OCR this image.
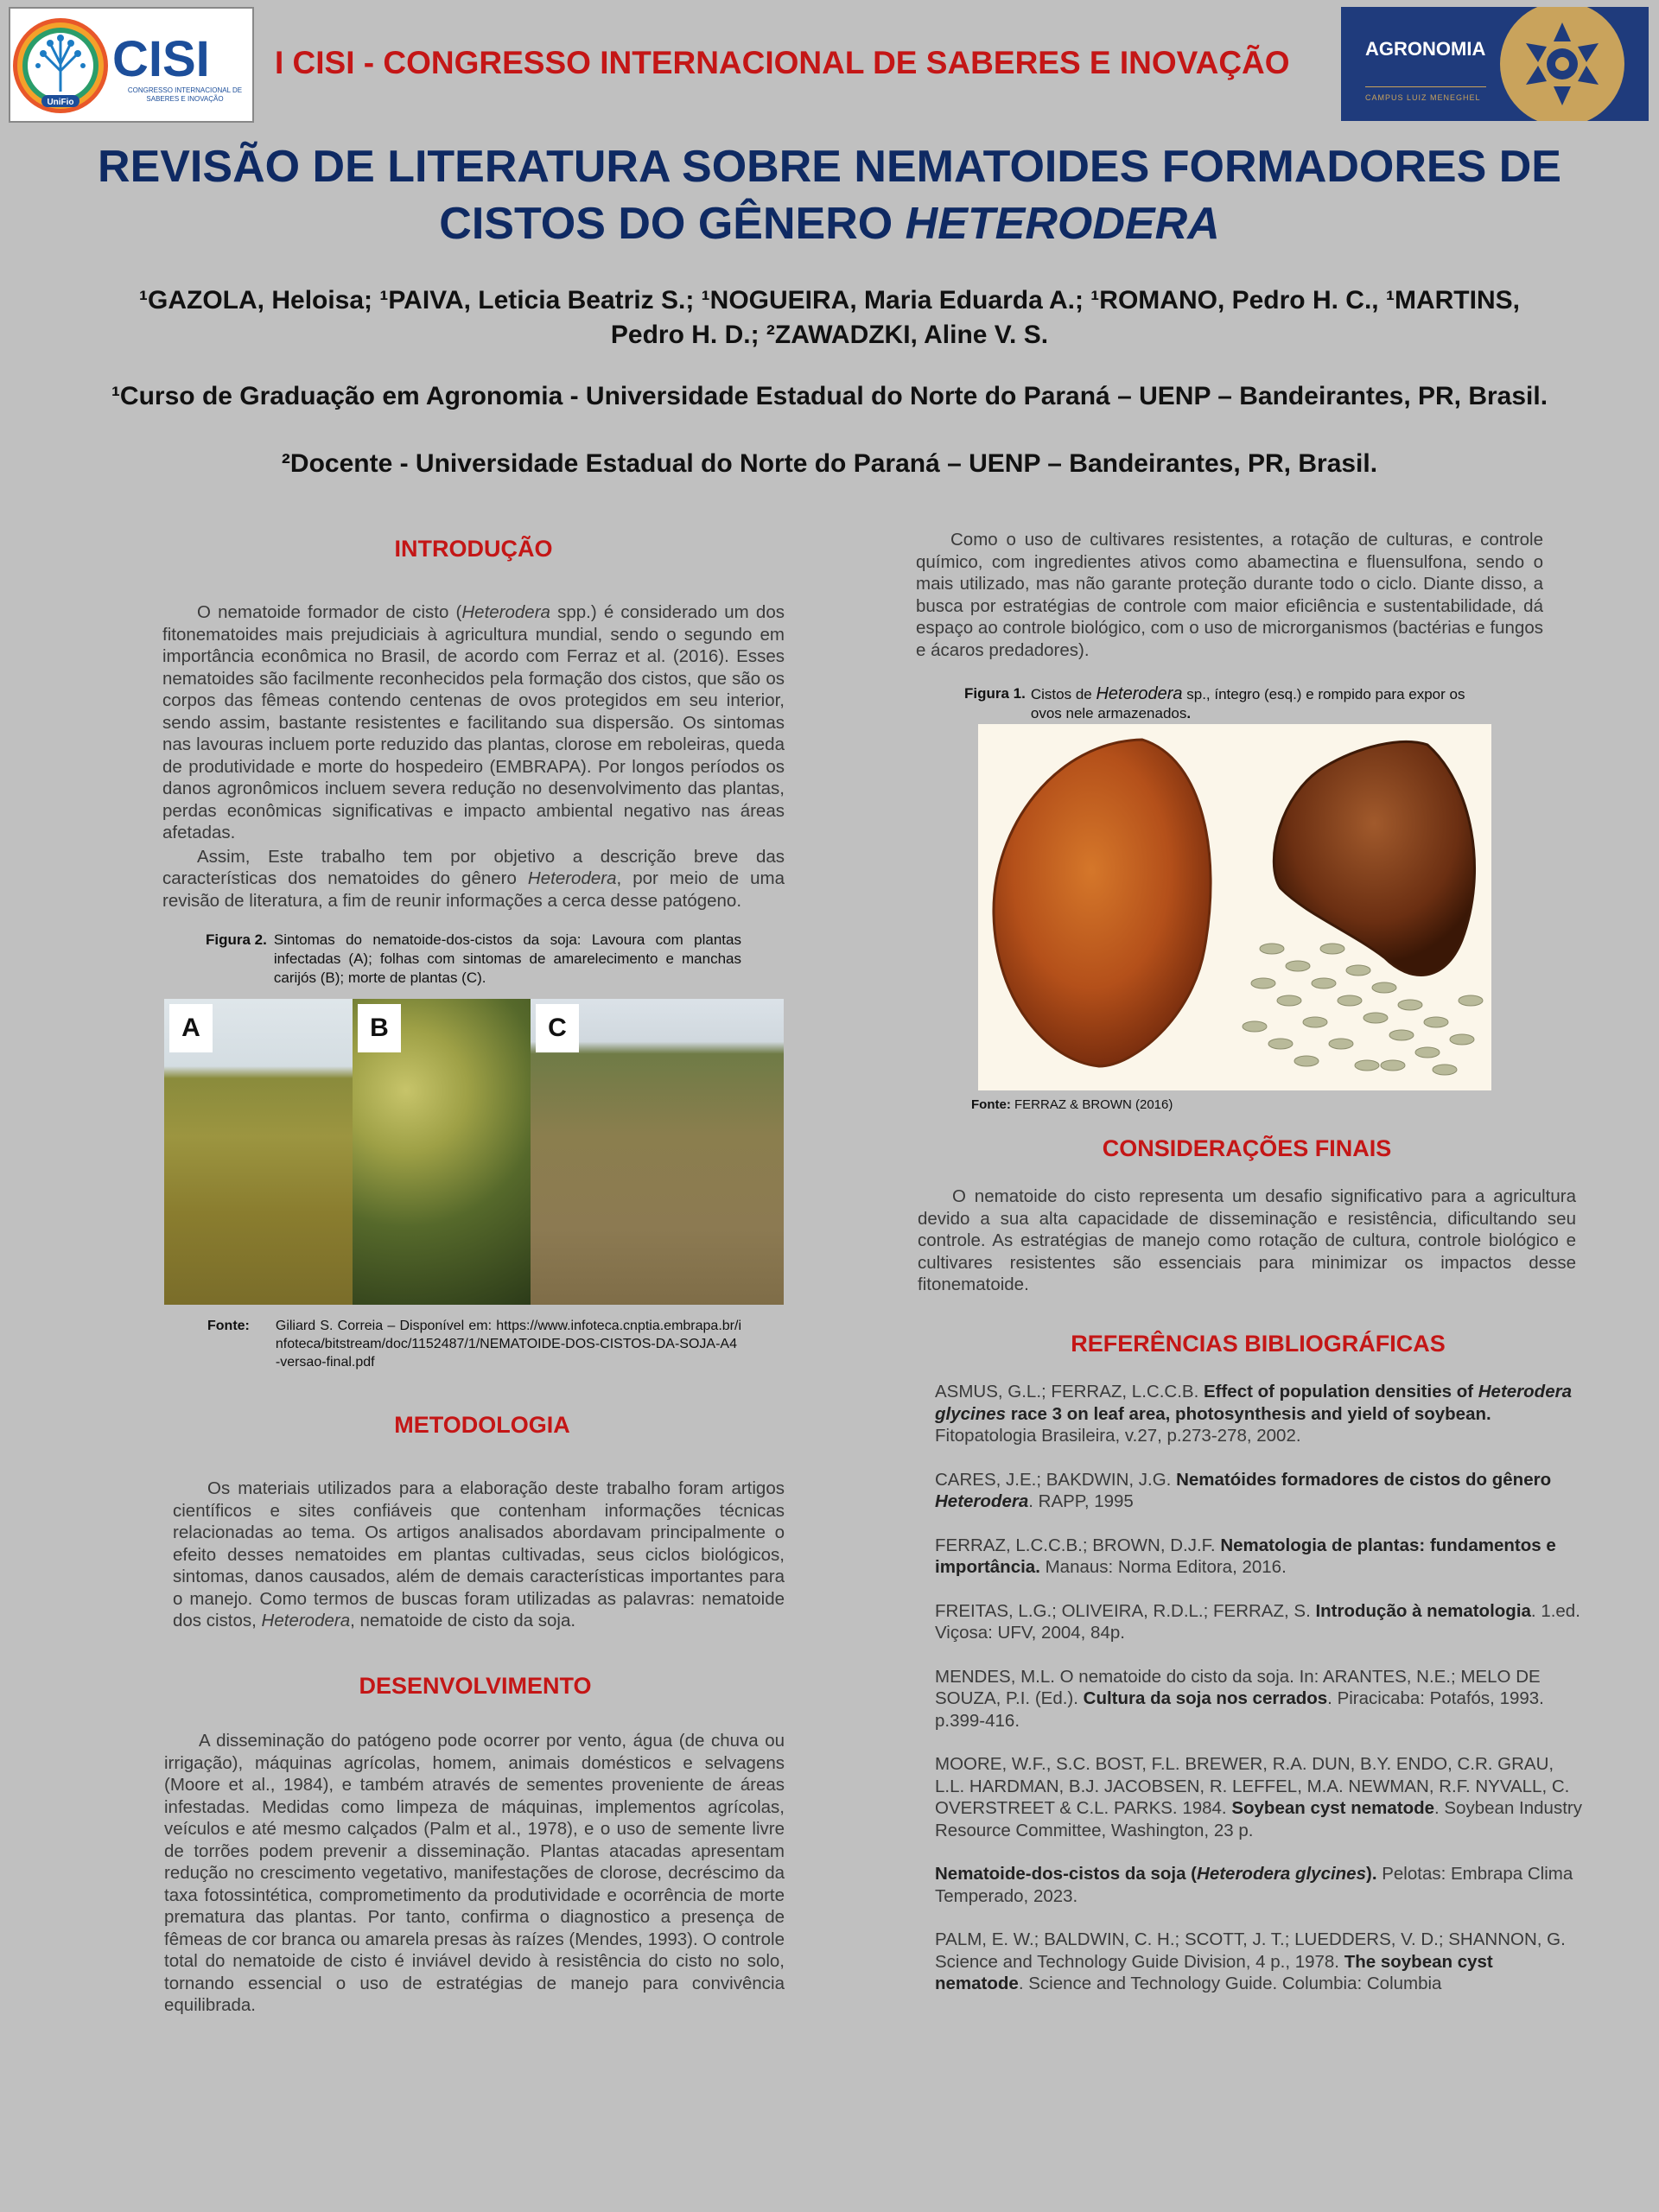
UniFio
CISI
CONGRESSO INTERNACIONAL DE SABERES E INOVAÇÃO
I CISI - CONGRESSO INTERNACIONAL DE SABERES E INOVAÇÃO	AGRONOMIA
CAMPUS LUIZ MENEGHEL
REVISÃO DE LITERATURA SOBRE NEMATOIDES FORMADORES DE
CISTOS DO GÊNERO HETERODERA
¹GAZOLA, Heloisa; ¹PAIVA, Leticia Beatriz S.; ¹NOGUEIRA, Maria Eduarda A.; ¹ROMANO, Pedro H. C., ¹MARTINS,
Pedro H. D.; ²ZAWADZKI, Aline V. S.
¹Curso de Graduação em Agronomia - Universidade Estadual do Norte do Paraná – UENP – Bandeirantes, PR, Brasil.
²Docente - Universidade Estadual do Norte do Paraná – UENP – Bandeirantes, PR, Brasil.
INTRODUÇÃO

O nematoide formador de cisto (Heterodera spp.) é considerado um dos fitonematoides mais prejudiciais à agricultura mundial, sendo o segundo em importância econômica no Brasil, de acordo com Ferraz et al. (2016). Esses nematoides são facilmente reconhecidos pela formação dos cistos, que são os corpos das fêmeas contendo centenas de ovos protegidos em seu interior, sendo assim, bastante resistentes e facilitando sua dispersão. Os sintomas nas lavouras incluem porte reduzido das plantas, clorose em reboleiras, queda de produtividade e morte do hospedeiro (EMBRAPA). Por longos períodos os danos agronômicos incluem severa redução no desenvolvimento das plantas, perdas econômicas significativas e impacto ambiental negativo nas áreas afetadas.

Assim, Este trabalho tem por objetivo a descrição breve das características dos nematoides do gênero Heterodera, por meio de uma revisão de literatura, a fim de reunir informações a cerca desse patógeno.

Figura 2. Sintomas do nematoide-dos-cistos da soja: Lavoura com plantas infectadas (A); folhas com sintomas de amarelecimento e manchas carijós (B); morte de plantas (C).
A	B	C
Fonte: Giliard S. Correia – Disponível em: https://www.infoteca.cnptia.embrapa.br/infoteca/bitstream/doc/1152487/1/NEMATOIDE-DOS-CISTOS-DA-SOJA-A4-versao-final.pdf
METODOLOGIA

Os materiais utilizados para a elaboração deste trabalho foram artigos científicos e sites confiáveis que contenham informações técnicas relacionadas ao tema. Os artigos analisados abordavam principalmente o efeito desses nematoides em plantas cultivadas, seus ciclos biológicos, sintomas, danos causados, além de demais características importantes para o manejo. Como termos de buscas foram utilizadas as palavras: nematoide dos cistos, Heterodera, nematoide de cisto da soja.

DESENVOLVIMENTO

A disseminação do patógeno pode ocorrer por vento, água (de chuva ou irrigação), máquinas agrícolas, homem, animais domésticos e selvagens (Moore et al., 1984), e também através de sementes proveniente de áreas infestadas. Medidas como limpeza de máquinas, implementos agrícolas, veículos e até mesmo calçados (Palm et al., 1978), e o uso de semente livre de torrões podem prevenir a disseminação. Plantas atacadas apresentam redução no crescimento vegetativo, manifestações de clorose, decréscimo da taxa fotossintética, comprometimento da produtividade e ocorrência de morte prematura das plantas. Por tanto, confirma o diagnostico a presença de fêmeas de cor branca ou amarela presas às raízes (Mendes, 1993). O controle total do nematoide de cisto é inviável devido à resistência do cisto no solo, tornando essencial o uso de estratégias de manejo para convivência equilibrada.

Como o uso de cultivares resistentes, a rotação de culturas, e controle químico, com ingredientes ativos como abamectina e fluensulfona, sendo o mais utilizado, mas não garante proteção durante todo o ciclo. Diante disso, a busca por estratégias de controle com maior eficiência e sustentabilidade, dá espaço ao controle biológico, com o uso de microrganismos (bactérias e fungos e ácaros predadores).

Figura 1. Cistos de Heterodera sp., íntegro (esq.) e rompido para expor os ovos nele armazenados.
Fonte: FERRAZ & BROWN (2016)
CONSIDERAÇÕES FINAIS

O nematoide do cisto representa um desafio significativo para a agricultura devido a sua alta capacidade de disseminação e resistência, dificultando seu controle. As estratégias de manejo como rotação de cultura, controle biológico e cultivares resistentes são essenciais para minimizar os impactos desse fitonematoide.

REFERÊNCIAS BIBLIOGRÁFICAS

ASMUS, G.L.; FERRAZ, L.C.C.B. Effect of population densities of Heterodera glycines race 3 on leaf area, photosynthesis and yield of soybean. Fitopatologia Brasileira, v.27, p.273-278, 2002.

CARES, J.E.; BAKDWIN, J.G. Nematóides formadores de cistos do gênero Heterodera. RAPP, 1995

FERRAZ, L.C.C.B.; BROWN, D.J.F. Nematologia de plantas: fundamentos e importância. Manaus: Norma Editora, 2016.

FREITAS, L.G.; OLIVEIRA, R.D.L.; FERRAZ, S. Introdução à nematologia. 1.ed. Viçosa: UFV, 2004, 84p.

MENDES, M.L. O nematoide do cisto da soja. In: ARANTES, N.E.; MELO DE SOUZA, P.I. (Ed.). Cultura da soja nos cerrados. Piracicaba: Potafós, 1993. p.399-416.

MOORE, W.F., S.C. BOST, F.L. BREWER, R.A. DUN, B.Y. ENDO, C.R. GRAU, L.L. HARDMAN, B.J. JACOBSEN, R. LEFFEL, M.A. NEWMAN, R.F. NYVALL, C. OVERSTREET & C.L. PARKS. 1984. Soybean cyst nematode. Soybean Industry Resource Committee, Washington, 23 p.

Nematoide-dos-cistos da soja (Heterodera glycines). Pelotas: Embrapa Clima Temperado, 2023.

PALM, E. W.; BALDWIN, C. H.; SCOTT, J. T.; LUEDDERS, V. D.; SHANNON, G. Science and Technology Guide Division, 4 p., 1978. The soybean cyst nematode. Science and Technology Guide. Columbia: Columbia
